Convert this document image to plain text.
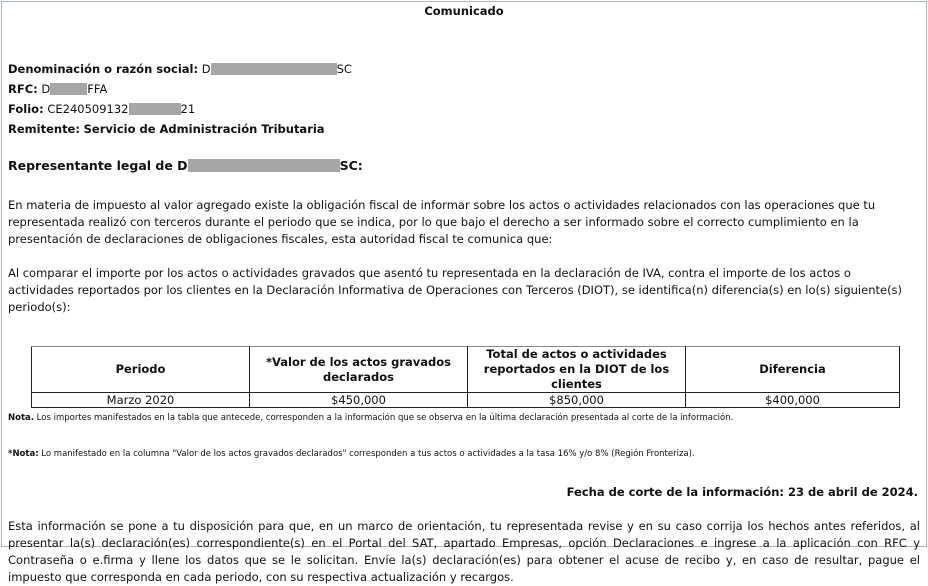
Comunicado
Denominación o razón social: D	SC
RFC: D	FFA
Folio: CE240509132	21
Remitente: Servicio de Administración Tributaria
Representante legal de D	SC:
En materia de impuesto al valor agregado existe la obligación fiscal de informar sobre los actos o actividades relacionados con las operaciones que tu representada realizó con terceros durante el periodo que se indica, por lo que bajo el derecho a ser informado sobre el correcto cumplimiento en la presentación de declaraciones de obligaciones fiscales, esta autoridad fiscal te comunica que:
Al comparar el importe por los actos o actividades gravados que asentó tu representada en la declaración de IVA, contra el importe de los actos o actividades reportados por los clientes en la Declaración Informativa de Operaciones con Terceros (DIOT), se identifica(n) diferencia(s) en lo(s) siguiente(s) periodo(s):
Periodo	*Valor de los actos gravados declarados	Total de actos o actividades reportados en la DIOT de los clientes	Diferencia
Marzo 2020	$450,000	$850,000	$400,000
Nota. Los importes manifestados en la tabla que antecede, corresponden a la información que se observa en la última declaración presentada al corte de la información.
*Nota: Lo manifestado en la columna "Valor de los actos gravados declarados" corresponden a tus actos o actividades a la tasa 16% y/o 8% (Región Fronteriza).
Fecha de corte de la información: 23 de abril de 2024.
Esta información se pone a tu disposición para que, en un marco de orientación, tu representada revise y en su caso corrija los hechos antes referidos, al presentar la(s) declaración(es) correspondiente(s) en el Portal del SAT, apartado Empresas, opción Declaraciones e ingrese a la aplicación con RFC y Contraseña o e.firma y llene los datos que se le solicitan. Envíe la(s) declaración(es) para obtener el acuse de recibo y, en caso de resultar, pague el impuesto que corresponda en cada periodo, con su respectiva actualización y recargos.
